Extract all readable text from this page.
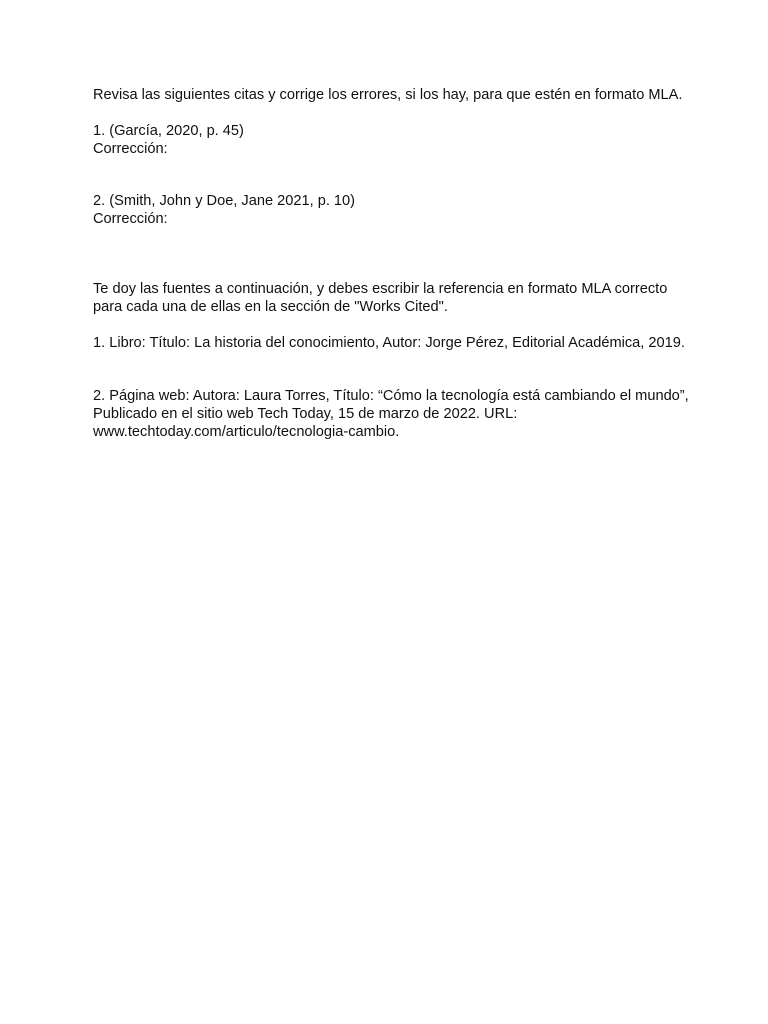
Revisa las siguientes citas y corrige los errores, si los hay, para que estén en formato MLA.

1. (García, 2020, p. 45)

Corrección:

2. (Smith, John y Doe, Jane 2021, p. 10)

Corrección:

Te doy las fuentes a continuación, y debes escribir la referencia en formato MLA correcto

para cada una de ellas en la sección de "Works Cited".

1. Libro: Título: La historia del conocimiento, Autor: Jorge Pérez, Editorial Académica, 2019.

2. Página web: Autora: Laura Torres, Título: “Cómo la tecnología está cambiando el mundo”,

Publicado en el sitio web Tech Today, 15 de marzo de 2022. URL:

www.techtoday.com/articulo/tecnologia-cambio.
